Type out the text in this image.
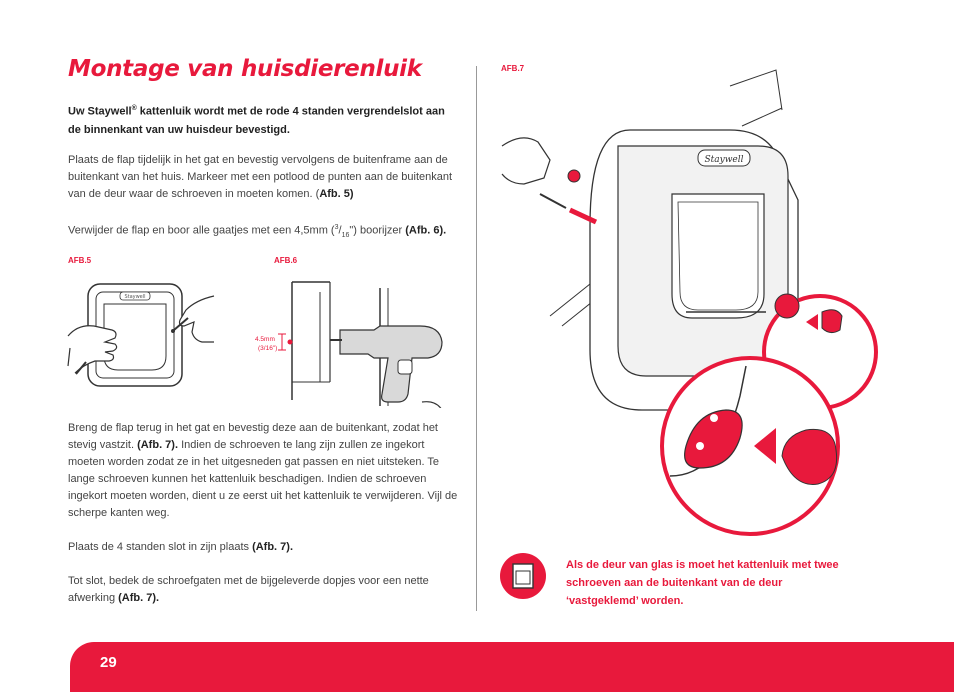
Montage van huisdierenluik
Uw Staywell® kattenluik wordt met de rode 4 standen vergrendelslot aan de binnenkant van uw huisdeur bevestigd.
Plaats de flap tijdelijk in het gat en bevestig vervolgens de buitenframe aan de buitenkant van het huis. Markeer met een potlood de punten aan de buitenkant van de deur waar de schroeven in moeten komen. (Afb. 5)
Verwijder de flap en boor alle gaatjes met een 4,5mm $(^3/_{16}")$ boorijzer (Afb. 6).
AFB.5	AFB.6
Staywell
4.5mm
(3/16")
Breng de flap terug in het gat en bevestig deze aan de buitenkant, zodat het stevig vastzit. (Afb. 7). Indien de schroeven te lang zijn zullen ze ingekort moeten worden zodat ze in het uitgesneden gat passen en niet uitsteken. Te lange schroeven kunnen het kattenluik beschadigen. Indien de schroeven ingekort moeten worden, dient u ze eerst uit het kattenluik te verwijderen. Vijl de scherpe kanten weg.
Plaats de 4 standen slot in zijn plaats (Afb. 7).
Tot slot, bedek de schroefgaten met de bijgeleverde dopjes voor een nette afwerking (Afb. 7).
AFB.7
Staywell
Als de deur van glas is moet het kattenluik met twee schroeven aan de buitenkant van de deur ‘vastgeklemd’ worden.
29
